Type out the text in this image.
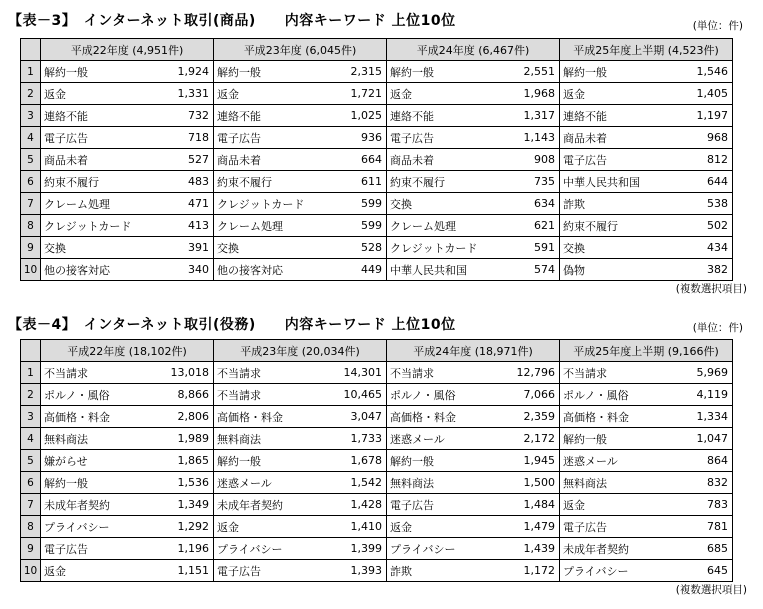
【表－3】　インターネット取引(商品)　　内容キーワード 上位10位	(単位：件)
	平成22年度 (4,951件)		平成23年度 (6,045件)		平成24年度 (6,467件)		平成25年度上半期 (4,523件)	
1	解約一般	1,924	解約一般	2,315	解約一般	2,551	解約一般	1,546
2	返金	1,331	返金	1,721	返金	1,968	返金	1,405
3	連絡不能	732	連絡不能	1,025	連絡不能	1,317	連絡不能	1,197
4	電子広告	718	電子広告	936	電子広告	1,143	商品未着	968
5	商品未着	527	商品未着	664	商品未着	908	電子広告	812
6	約束不履行	483	約束不履行	611	約束不履行	735	中華人民共和国	644
7	クレーム処理	471	クレジットカード	599	交換	634	詐欺	538
8	クレジットカード	413	クレーム処理	599	クレーム処理	621	約束不履行	502
9	交換	391	交換	528	クレジットカード	591	交換	434
10	他の接客対応	340	他の接客対応	449	中華人民共和国	574	偽物	382
(複数選択項目)
【表－4】　インターネット取引(役務)　　内容キーワード 上位10位	(単位：件)
	平成22年度 (18,102件)		平成23年度 (20,034件)		平成24年度 (18,971件)		平成25年度上半期 (9,166件)	
1	不当請求	13,018	不当請求	14,301	不当請求	12,796	不当請求	5,969
2	ポルノ・風俗	8,866	不当請求	10,465	ポルノ・風俗	7,066	ポルノ・風俗	4,119
3	高価格・料金	2,806	高価格・料金	3,047	高価格・料金	2,359	高価格・料金	1,334
4	無料商法	1,989	無料商法	1,733	迷惑メール	2,172	解約一般	1,047
5	嫌がらせ	1,865	解約一般	1,678	解約一般	1,945	迷惑メール	864
6	解約一般	1,536	迷惑メール	1,542	無料商法	1,500	無料商法	832
7	未成年者契約	1,349	未成年者契約	1,428	電子広告	1,484	返金	783
8	プライバシー	1,292	返金	1,410	返金	1,479	電子広告	781
9	電子広告	1,196	プライバシー	1,399	プライバシー	1,439	未成年者契約	685
10	返金	1,151	電子広告	1,393	詐欺	1,172	プライバシー	645
(複数選択項目)
